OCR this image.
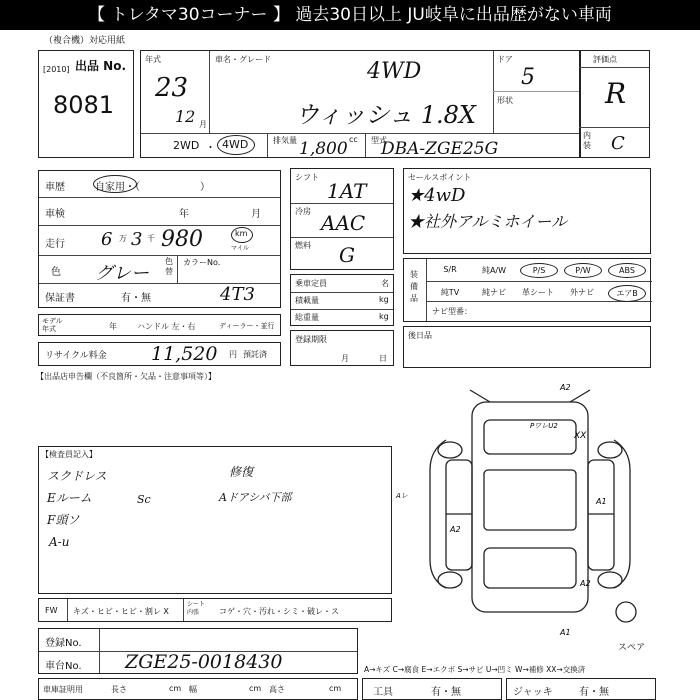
【 トレタマ30コーナー 】 過去30日以上 JU岐阜に出品歴がない車両
（複合機）対応用紙
出品 No.
[2010]
8081
年式
23
12 月
車名・グレード	4WD
ウィッシュ 1.8X
ドア
5
形状
2WD ・ 4WD	排気量	cc
1,800	型式
DBA-ZGE25G
評価点
R
内装 C
車歴	自家用・（　　　　　　）
車検	年	月
走行 6 万 3 千 980	km
マイル
色 グレー
色替
カラーNo.
保証書	有・無	4T3
モデル年式	年	ハンドル 左・右	ディーラー・並行
リサイクル料金 11,520 円 預託済
【出品店申告欄（不良箇所・欠品・注意事項等）】
シフト
1AT
冷房 AAC
燃料 G
乗車定員	名
積載量	kg
総重量	kg
登録期限
月	日
セールスポイント
★4wD
★社外アルミホイール
装備品
S/R	純A/W	P/S	P/W	ABS
純TV	純ナビ	革シート	外ナビ	エアB
ナビ型番：
後日品
【検査員記入】
スクドレス
Eルーム	Sc
F頭ソ
A-u
修復
Aドアシバ下部
A2
PワレU2
XX
Aレ
A2
A1
A2
A1
スペア
FW キズ・ヒビ・ヒビ・割レ X
シート内張	コゲ・穴・汚れ・シミ・破レ・ス
登録No.
車台No. ZGE25-0018430	A→キズ C→腐食 E→エクボ S→サビ U→凹ミ W→補修 XX→交換済
車庫証明用	長さ	cm 幅	cm 高さ	cm	工具	有・無	ジャッキ	有・無
